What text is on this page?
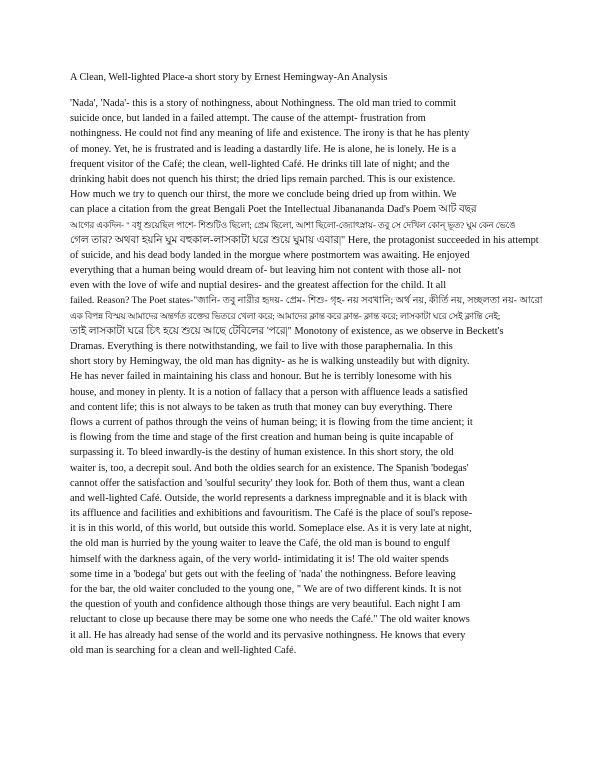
A Clean, Well-lighted Place-a short story by Ernest Hemingway-An Analysis
'Nada', 'Nada'- this is a story of nothingness, about Nothingness. The old man tried to commit
suicide once, but landed in a failed attempt. The cause of the attempt- frustration from
nothingness. He could not find any meaning of life and existence. The irony is that he has plenty
of money. Yet, he is frustrated and is leading a dastardly life. He is alone, he is lonely. He is a
frequent visitor of the Café; the clean, well-lighted Café. He drinks till late of night; and the
drinking habit does not quench his thirst; the dried lips remain parched. This is our existence.
How much we try to quench our thirst, the more we conclude being dried up from within. We
can place a citation from the great Bengali Poet the Intellectual Jibanananda Dad's Poem আট বছর
আগের একদিন- " বধূ শুয়েছিল পাশে- শিশুটিও ছিলো; প্রেম ছিলো, আশা ছিলো-জ্যোৎস্নায়- তবু সে দেখিল কোন্ ভূত? ঘুম কেন ভেঙে
গেল তার? অথবা হয়নি ঘুম বহুকাল-লাসকাটা ঘরে শুয়ে ঘুমায় এবার|" Here, the protagonist succeeded in his attempt
of suicide, and his dead body landed in the morgue where postmortem was awaiting. He enjoyed
everything that a human being would dream of- but leaving him not content with those all- not
even with the love of wife and nuptial desires- and the greatest affection for the child. It all
failed. Reason? The Poet states-"জানি- তবু নারীর হৃদয়- প্রেম- শিশু- গৃহ- নয় সবখানি; অর্থ নয়, কীর্তি নয়, সচ্ছলতা নয়- আরো
এক বিপন্ন বিস্ময় আমাদের অন্তর্গত রক্তের ভিতরে খেলা করে; আমাদের ক্লান্ত করে ক্লান্ত- ক্লান্ত করে; লাসকাটা ঘরে সেই ক্লান্তি নেই;
তাই লাসকাটা ঘরে চিৎ হয়ে শুয়ে আছে টেবিলের 'পরে|" Monotony of existence, as we observe in Beckett's
Dramas. Everything is there notwithstanding, we fail to live with those paraphernalia. In this
short story by Hemingway, the old man has dignity- as he is walking unsteadily but with dignity.
He has never failed in maintaining his class and honour. But he is terribly lonesome with his
house, and money in plenty. It is a notion of fallacy that a person with affluence leads a satisfied
and content life; this is not always to be taken as truth that money can buy everything. There
flows a current of pathos through the veins of human being; it is flowing from the time ancient; it
is flowing from the time and stage of the first creation and human being is quite incapable of
surpassing it. To bleed inwardly-is the destiny of human existence. In this short story, the old
waiter is, too, a decrepit soul. And both the oldies search for an existence. The Spanish 'bodegas'
cannot offer the satisfaction and 'soulful security' they look for. Both of them thus, want a clean
and well-lighted Café. Outside, the world represents a darkness impregnable and it is black with
its affluence and facilities and exhibitions and favouritism. The Café is the place of soul's repose-
it is in this world, of this world, but outside this world. Someplace else. As it is very late at night,
the old man is hurried by the young waiter to leave the Café, the old man is bound to engulf
himself with the darkness again, of the very world- intimidating it is! The old waiter spends
some time in a 'bodega' but gets out with the feeling of 'nada' the nothingness. Before leaving
for the bar, the old waiter concluded to the young one, " We are of two different kinds. It is not
the question of youth and confidence although those things are very beautiful. Each night I am
reluctant to close up because there may be some one who needs the Café." The old waiter knows
it all. He has already had sense of the world and its pervasive nothingness. He knows that every
old man is searching for a clean and well-lighted Café.
